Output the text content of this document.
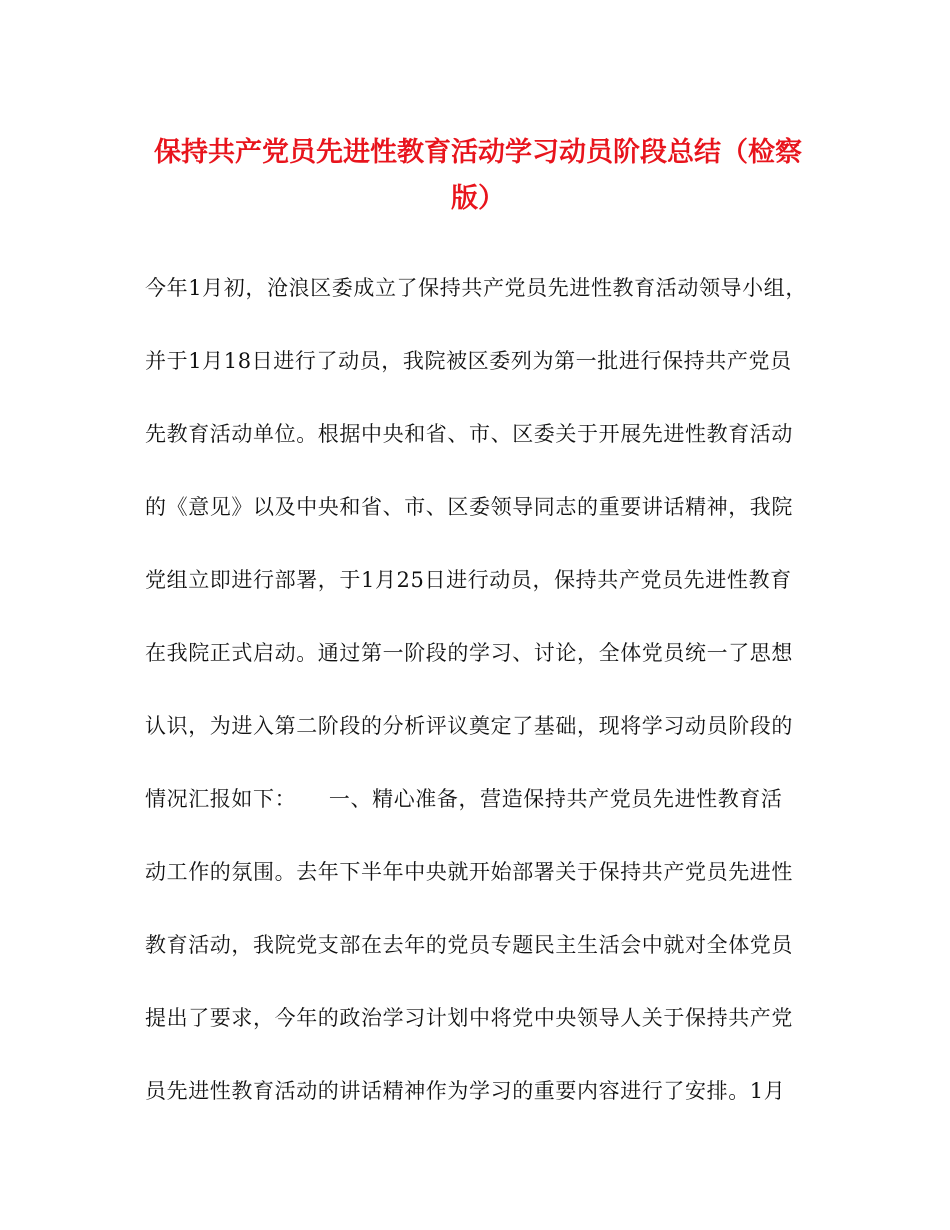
保持共产党员先进性教育活动学习动员阶段总结（检察版）
今年1月初，沧浪区委成立了保持共产党员先进性教育活动领导小组，
并于1月18日进行了动员，我院被区委列为第一批进行保持共产党员
先教育活动单位。根据中央和省、市、区委关于开展先进性教育活动
的《意见》以及中央和省、市、区委领导同志的重要讲话精神，我院
党组立即进行部署，于1月25日进行动员，保持共产党员先进性教育
在我院正式启动。通过第一阶段的学习、讨论，全体党员统一了思想
认识，为进入第二阶段的分析评议奠定了基础，现将学习动员阶段的
情况汇报如下：　　一、精心准备，营造保持共产党员先进性教育活
动工作的氛围。去年下半年中央就开始部署关于保持共产党员先进性
教育活动，我院党支部在去年的党员专题民主生活会中就对全体党员
提出了要求，今年的政治学习计划中将党中央领导人关于保持共产党
员先进性教育活动的讲话精神作为学习的重要内容进行了安排。1月
